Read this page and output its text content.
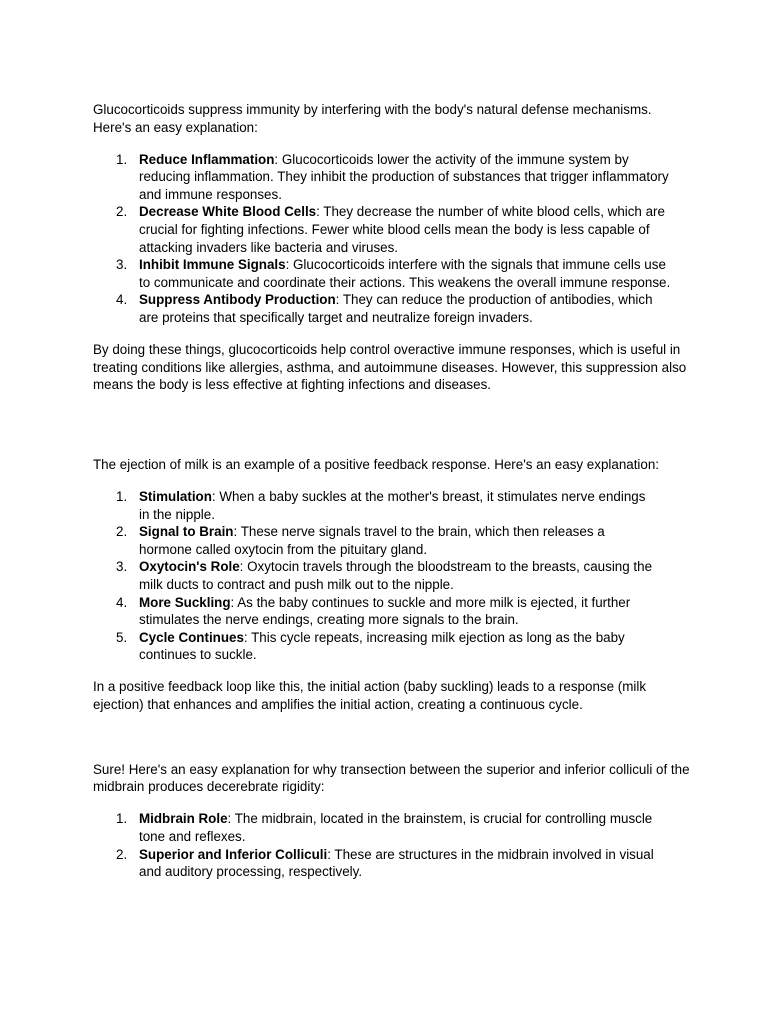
Glucocorticoids suppress immunity by interfering with the body's natural defense mechanisms. Here's an easy explanation:

1. Reduce Inflammation: Glucocorticoids lower the activity of the immune system by reducing inflammation. They inhibit the production of substances that trigger inflammatory and immune responses.
2. Decrease White Blood Cells: They decrease the number of white blood cells, which are crucial for fighting infections. Fewer white blood cells mean the body is less capable of attacking invaders like bacteria and viruses.
3. Inhibit Immune Signals: Glucocorticoids interfere with the signals that immune cells use to communicate and coordinate their actions. This weakens the overall immune response.
4. Suppress Antibody Production: They can reduce the production of antibodies, which are proteins that specifically target and neutralize foreign invaders.

By doing these things, glucocorticoids help control overactive immune responses, which is useful in treating conditions like allergies, asthma, and autoimmune diseases. However, this suppression also means the body is less effective at fighting infections and diseases.

The ejection of milk is an example of a positive feedback response. Here's an easy explanation:

1. Stimulation: When a baby suckles at the mother's breast, it stimulates nerve endings in the nipple.
2. Signal to Brain: These nerve signals travel to the brain, which then releases a hormone called oxytocin from the pituitary gland.
3. Oxytocin's Role: Oxytocin travels through the bloodstream to the breasts, causing the milk ducts to contract and push milk out to the nipple.
4. More Suckling: As the baby continues to suckle and more milk is ejected, it further stimulates the nerve endings, creating more signals to the brain.
5. Cycle Continues: This cycle repeats, increasing milk ejection as long as the baby continues to suckle.

In a positive feedback loop like this, the initial action (baby suckling) leads to a response (milk ejection) that enhances and amplifies the initial action, creating a continuous cycle.

Sure! Here's an easy explanation for why transection between the superior and inferior colliculi of the midbrain produces decerebrate rigidity:

1. Midbrain Role: The midbrain, located in the brainstem, is crucial for controlling muscle tone and reflexes.
2. Superior and Inferior Colliculi: These are structures in the midbrain involved in visual and auditory processing, respectively.
